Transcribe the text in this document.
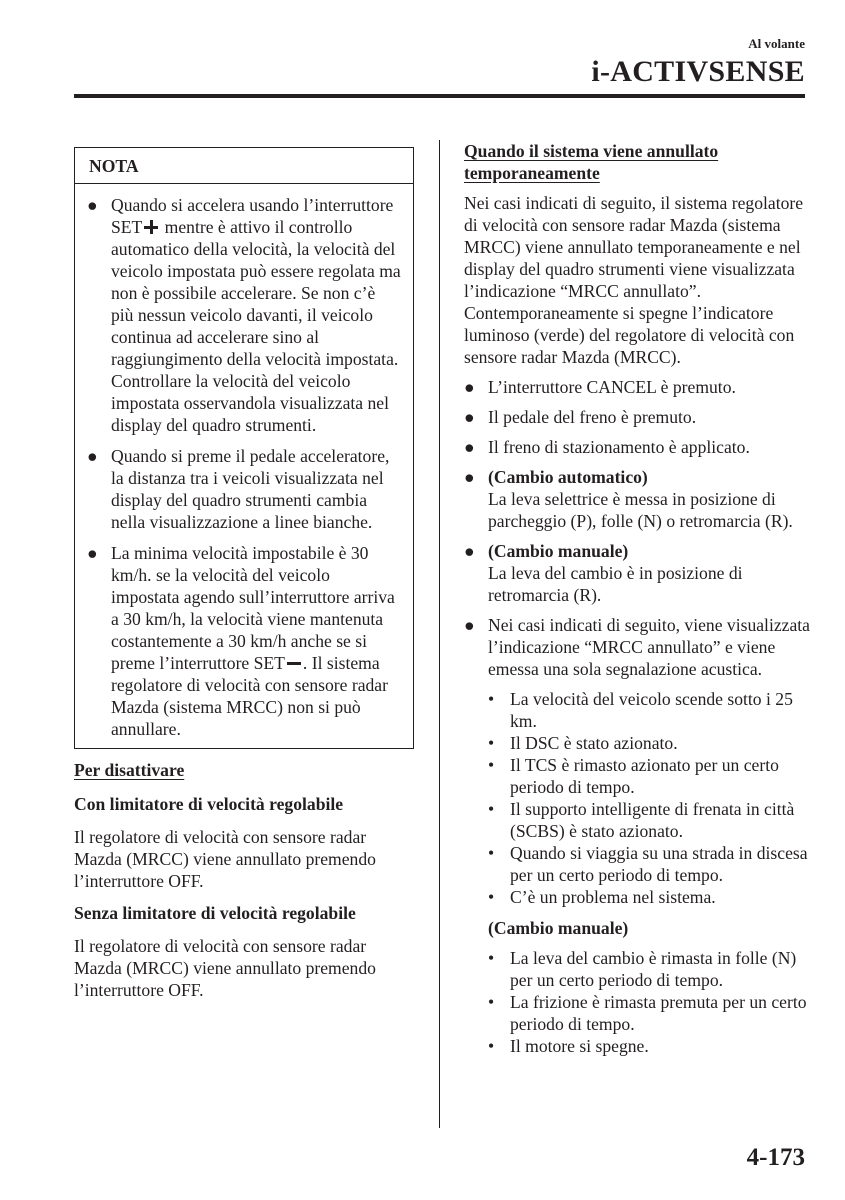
Al volante
i-ACTIVSENSE
NOTA
● Quando si accelera usando l’interruttore SET mentre è attivo il controllo automatico della velocità, la velocità del veicolo impostata può essere regolata ma non è possibile accelerare. Se non c’è più nessun veicolo davanti, il veicolo continua ad accelerare sino al raggiungimento della velocità impostata. Controllare la velocità del veicolo impostata osservandola visualizzata nel display del quadro strumenti.
● Quando si preme il pedale acceleratore, la distanza tra i veicoli visualizzata nel display del quadro strumenti cambia nella visualizzazione a linee bianche.
● La minima velocità impostabile è 30 km/h. se la velocità del veicolo impostata agendo sull’interruttore arriva a 30 km/h, la velocità viene mantenuta costantemente a 30 km/h anche se si preme l’interruttore SET . Il sistema regolatore di velocità con sensore radar Mazda (sistema MRCC) non si può annullare.

Per disattivare

Con limitatore di velocità regolabile

Il regolatore di velocità con sensore radar Mazda (MRCC) viene annullato premendo l’interruttore OFF.

Senza limitatore di velocità regolabile

Il regolatore di velocità con sensore radar Mazda (MRCC) viene annullato premendo l’interruttore OFF.

Quando il sistema viene annullato
temporaneamente

Nei casi indicati di seguito, il sistema regolatore di velocità con sensore radar Mazda (sistema MRCC) viene annullato temporaneamente e nel display del quadro strumenti viene visualizzata l’indicazione “MRCC annullato”. Contemporaneamente si spegne l’indicatore luminoso (verde) del regolatore di velocità con sensore radar Mazda (MRCC).

● L’interruttore CANCEL è premuto.
● Il pedale del freno è premuto.
● Il freno di stazionamento è applicato.
● (Cambio automatico)
La leva selettrice è messa in posizione di parcheggio (P), folle (N) o retromarcia (R).
● (Cambio manuale)
La leva del cambio è in posizione di retromarcia (R).
● Nei casi indicati di seguito, viene visualizzata l’indicazione “MRCC annullato” e viene emessa una sola segnalazione acustica.
• La velocità del veicolo scende sotto i 25 km.
• Il DSC è stato azionato.
• Il TCS è rimasto azionato per un certo periodo di tempo.
• Il supporto intelligente di frenata in città (SCBS) è stato azionato.
• Quando si viaggia su una strada in discesa per un certo periodo di tempo.
• C’è un problema nel sistema.

(Cambio manuale)

• La leva del cambio è rimasta in folle (N) per un certo periodo di tempo.
• La frizione è rimasta premuta per un certo periodo di tempo.
• Il motore si spegne.
4-173
